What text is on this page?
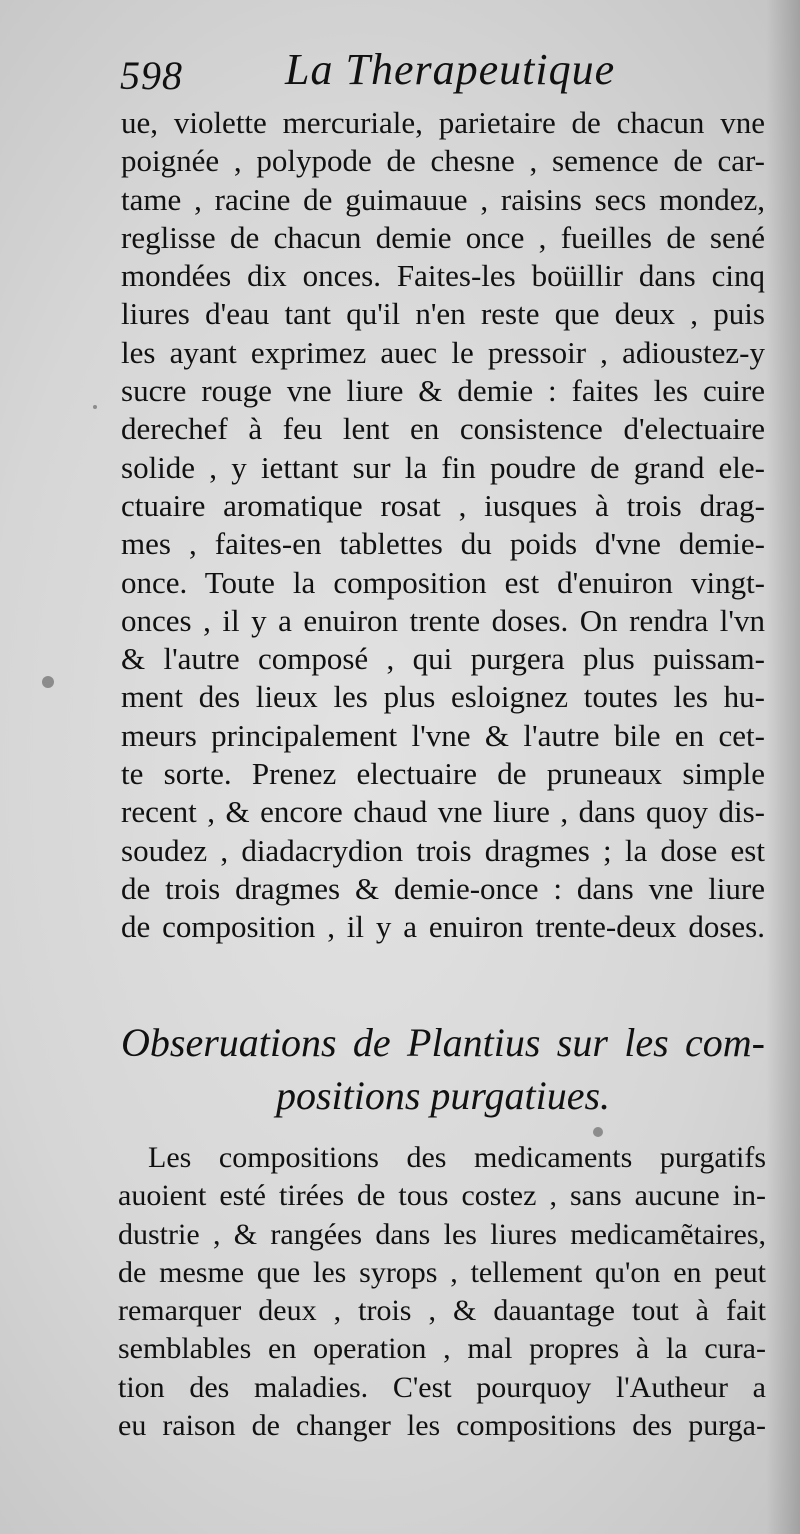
598 La Therapeutique
ue, violette mercuriale, parietaire de chacun vne
poignée , polypode de chesne , semence de car-
tame , racine de guimauue , raisins secs mondez,
reglisse de chacun demie once , fueilles de sené
mondées dix onces. Faites-les boüillir dans cinq
liures d'eau tant qu'il n'en reste que deux , puis
les ayant exprimez auec le pressoir , adioustez-y
sucre rouge vne liure & demie : faites les cuire
derechef à feu lent en consistence d'electuaire
solide , y iettant sur la fin poudre de grand ele-
ctuaire aromatique rosat , iusques à trois drag-
mes , faites-en tablettes du poids d'vne demie-
once. Toute la composition est d'enuiron vingt-
onces , il y a enuiron trente doses. On rendra l'vn
& l'autre composé , qui purgera plus puissam-
ment des lieux les plus esloignez toutes les hu-
meurs principalement l'vne & l'autre bile en cet-
te sorte. Prenez electuaire de pruneaux simple
recent , & encore chaud vne liure , dans quoy dis-
soudez , diadacrydion trois dragmes ; la dose est
de trois dragmes & demie-once : dans vne liure
de composition , il y a enuiron trente-deux doses.
Obseruations de Plantius sur les com-
positions purgatiues.
Les compositions des medicaments purgatifs
auoient esté tirées de tous costez , sans aucune in-
dustrie , & rangées dans les liures medicamẽtaires,
de mesme que les syrops , tellement qu'on en peut
remarquer deux , trois , & dauantage tout à fait
semblables en operation , mal propres à la cura-
tion des maladies. C'est pourquoy l'Autheur a
eu raison de changer les compositions des purga-
